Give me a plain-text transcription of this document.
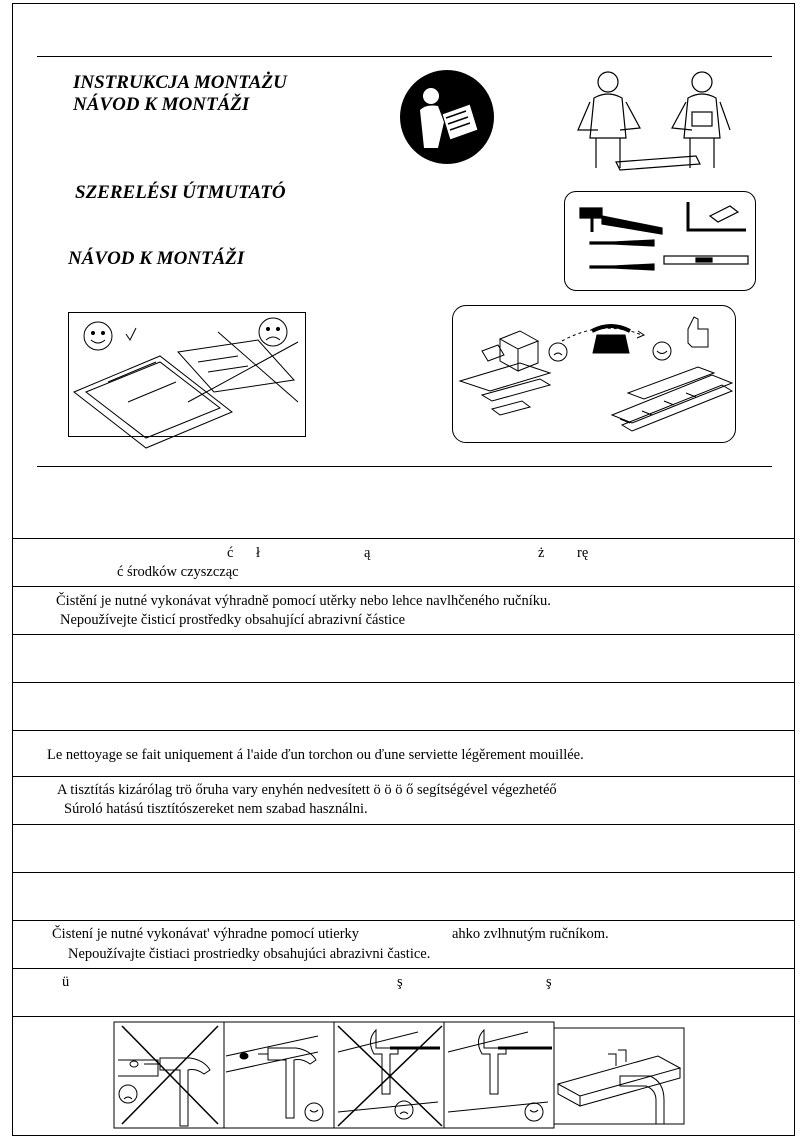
INSTRUKCJA MONTAŻU
NÁVOD K MONTÁŽI
SZERELÉSI ÚTMUTATÓ
NÁVOD K MONTÁŽI
ć ł	ą	ż rę
ć środków czyszcząc
Čistění je nutné vykonávat výhradně pomocí utěrky nebo lehce navlhčeného ručníku.
Nepoužívejte čisticí prostředky obsahující abrazivní částice
Le nettoyage se fait uniquement á l'aide ďun torchon ou ďune serviette légěrement mouillée.
A tisztítás kizárólag trö őruha vary enyhén nedvesített ö ö ö ő segítségével végezhetéő
Súroló hatású tisztítószereket nem szabad használni.
Čistení je nutné vykonávat' výhradne pomocí utierky	ahko zvlhnutým ručníkom.
Nepoužívajte čistiaci prostriedky obsahujúci abrazivni častice.
ü	ş	ş
